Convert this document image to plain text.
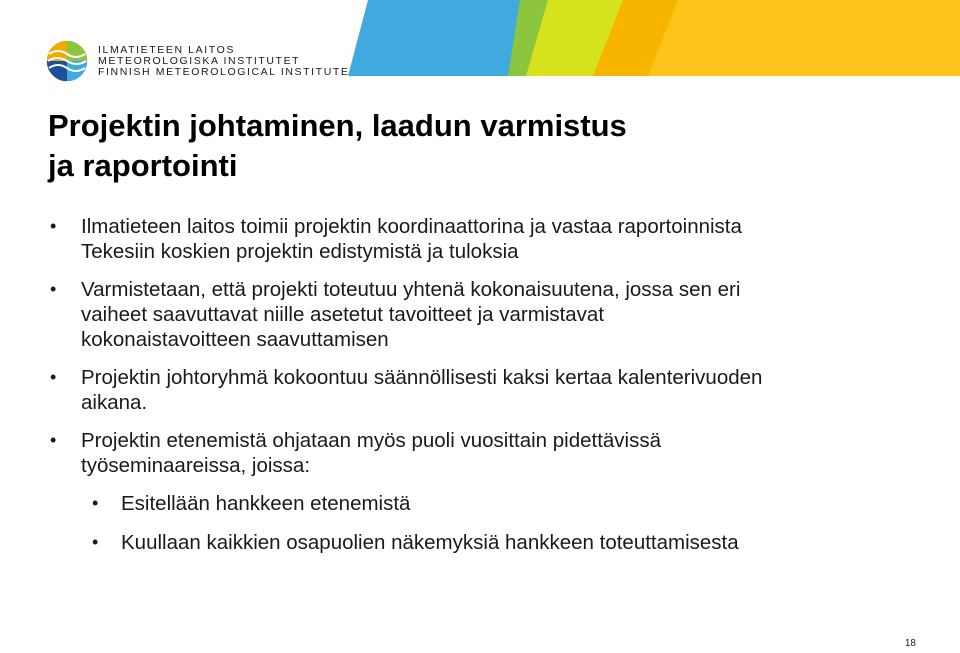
ILMATIETEEN LAITOS
METEOROLOGISKA INSTITUTET
FINNISH METEOROLOGICAL INSTITUTE
Projektin johtaminen, laadun varmistus
ja raportointi
• Ilmatieteen laitos toimii projektin koordinaattorina ja vastaa raportoinnista
Tekesiin koskien projektin edistymistä ja tuloksia
• Varmistetaan, että projekti toteutuu yhtenä kokonaisuutena, jossa sen eri
vaiheet saavuttavat niille asetetut tavoitteet ja varmistavat
kokonaistavoitteen saavuttamisen
• Projektin johtoryhmä kokoontuu säännöllisesti kaksi kertaa kalenterivuoden
aikana.
• Projektin etenemistä ohjataan myös puoli vuosittain pidettävissä
työseminaareissa, joissa:
• Esitellään hankkeen etenemistä
• Kuullaan kaikkien osapuolien näkemyksiä hankkeen toteuttamisesta
18
